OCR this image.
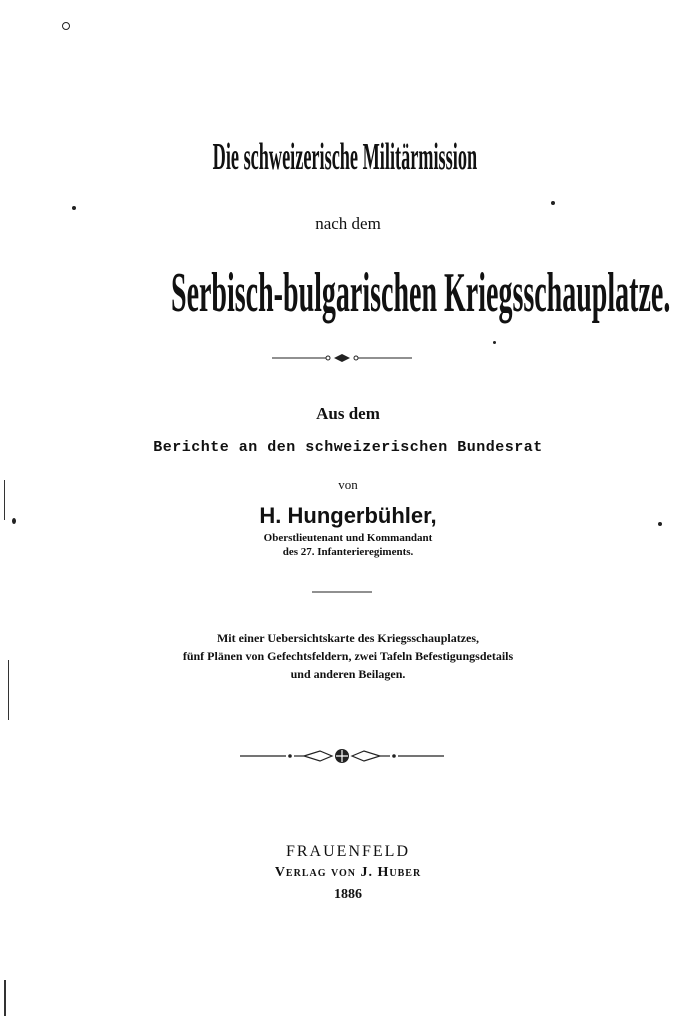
Die schweizerische Militärmission
nach dem
Serbisch-bulgarischen Kriegsschauplatze.
Aus dem
Berichte an den schweizerischen Bundesrat
von
H. Hungerbühler,
Oberstlieutenant und Kommandant
des 27. Infanterieregiments.
Mit einer Uebersichtskarte des Kriegsschauplatzes,
fünf Plänen von Gefechtsfeldern, zwei Tafeln Befestigungsdetails
und anderen Beilagen.
FRAUENFELD
Verlag von J. Huber
1886
